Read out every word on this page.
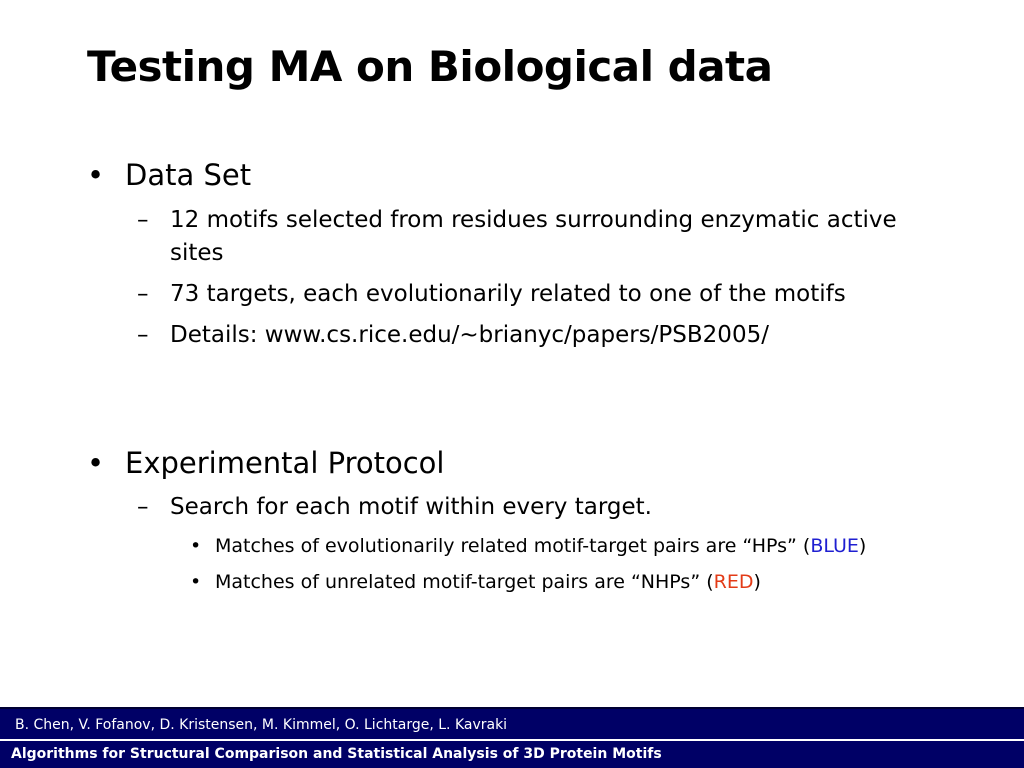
Testing MA on Biological data
• Data Set
– 12 motifs selected from residues surrounding enzymatic active
sites
– 73 targets, each evolutionarily related to one of the motifs
– Details: www.cs.rice.edu/~brianyc/papers/PSB2005/
• Experimental Protocol
– Search for each motif within every target.
• Matches of evolutionarily related motif-target pairs are “HPs” (BLUE)
• Matches of unrelated motif-target pairs are “NHPs” (RED)
B. Chen, V. Fofanov, D. Kristensen, M. Kimmel, O. Lichtarge, L. Kavraki
Algorithms for Structural Comparison and Statistical Analysis of 3D Protein Motifs
